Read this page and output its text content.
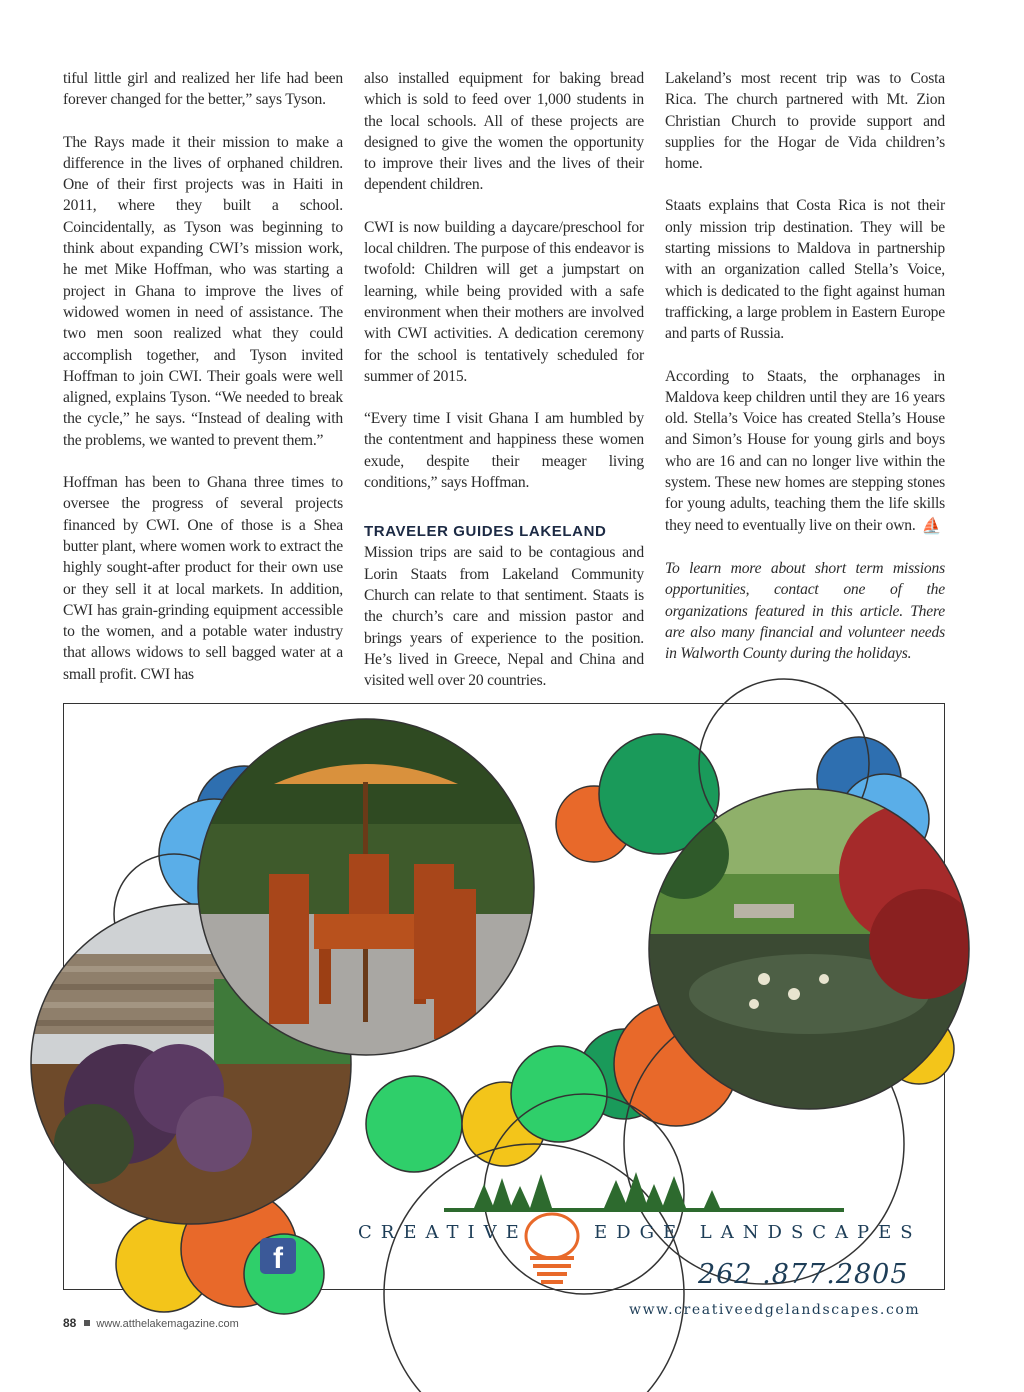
tiful little girl and realized her life had been forever changed for the better,” says Tyson.

The Rays made it their mission to make a difference in the lives of orphaned children. One of their first projects was in Haiti in 2011, where they built a school. Coincidentally, as Tyson was beginning to think about expanding CWI’s mission work, he met Mike Hoffman, who was starting a project in Ghana to improve the lives of widowed women in need of assistance. The two men soon realized what they could accomplish together, and Tyson invited Hoffman to join CWI. Their goals were well aligned, explains Tyson. “We needed to break the cycle,” he says. “Instead of dealing with the problems, we wanted to prevent them.”

Hoffman has been to Ghana three times to oversee the progress of several projects financed by CWI. One of those is a Shea butter plant, where women work to extract the highly sought-after product for their own use or they sell it at local markets. In addition, CWI has grain-grinding equipment accessible to the women, and a potable water industry that allows widows to sell bagged water at a small profit. CWI has

also installed equipment for baking bread which is sold to feed over 1,000 students in the local schools. All of these projects are designed to give the women the opportunity to improve their lives and the lives of their dependent children.

CWI is now building a daycare/preschool for local children. The purpose of this endeavor is twofold: Children will get a jumpstart on learning, while being provided with a safe environment when their mothers are involved with CWI activities. A dedication ceremony for the school is tentatively scheduled for summer of 2015.

“Every time I visit Ghana I am humbled by the contentment and happiness these women exude, despite their meager living conditions,” says Hoffman.

TRAVELER GUIDES LAKELAND

Mission trips are said to be contagious and Lorin Staats from Lakeland Community Church can relate to that sentiment. Staats is the church’s care and mission pastor and brings years of experience to the position. He’s lived in Greece, Nepal and China and visited well over 20 countries.

Lakeland’s most recent trip was to Costa Rica. The church partnered with Mt. Zion Christian Church to provide support and supplies for the Hogar de Vida children’s home.

Staats explains that Costa Rica is not their only mission trip destination. They will be starting missions to Maldova in partnership with an organization called Stella’s Voice, which is dedicated to the fight against human trafficking, a large problem in Eastern Europe and parts of Russia.

According to Staats, the orphanages in Maldova keep children until they are 16 years old. Stella’s Voice has created Stella’s House and Simon’s House for young girls and boys who are 16 and can no longer live within the system. These new homes are stepping stones for young adults, teaching them the life skills they need to eventually live on their own. ⛵

To learn more about short term missions opportunities, contact one of the organizations featured in this article. There are also many financial and volunteer needs in Walworth County during the holidays.

CREATIVE	EDGE LANDSCAPES
262 .877.2805
www.creativeedgelandscapes.com
f
88 www.atthelakemagazine.com
